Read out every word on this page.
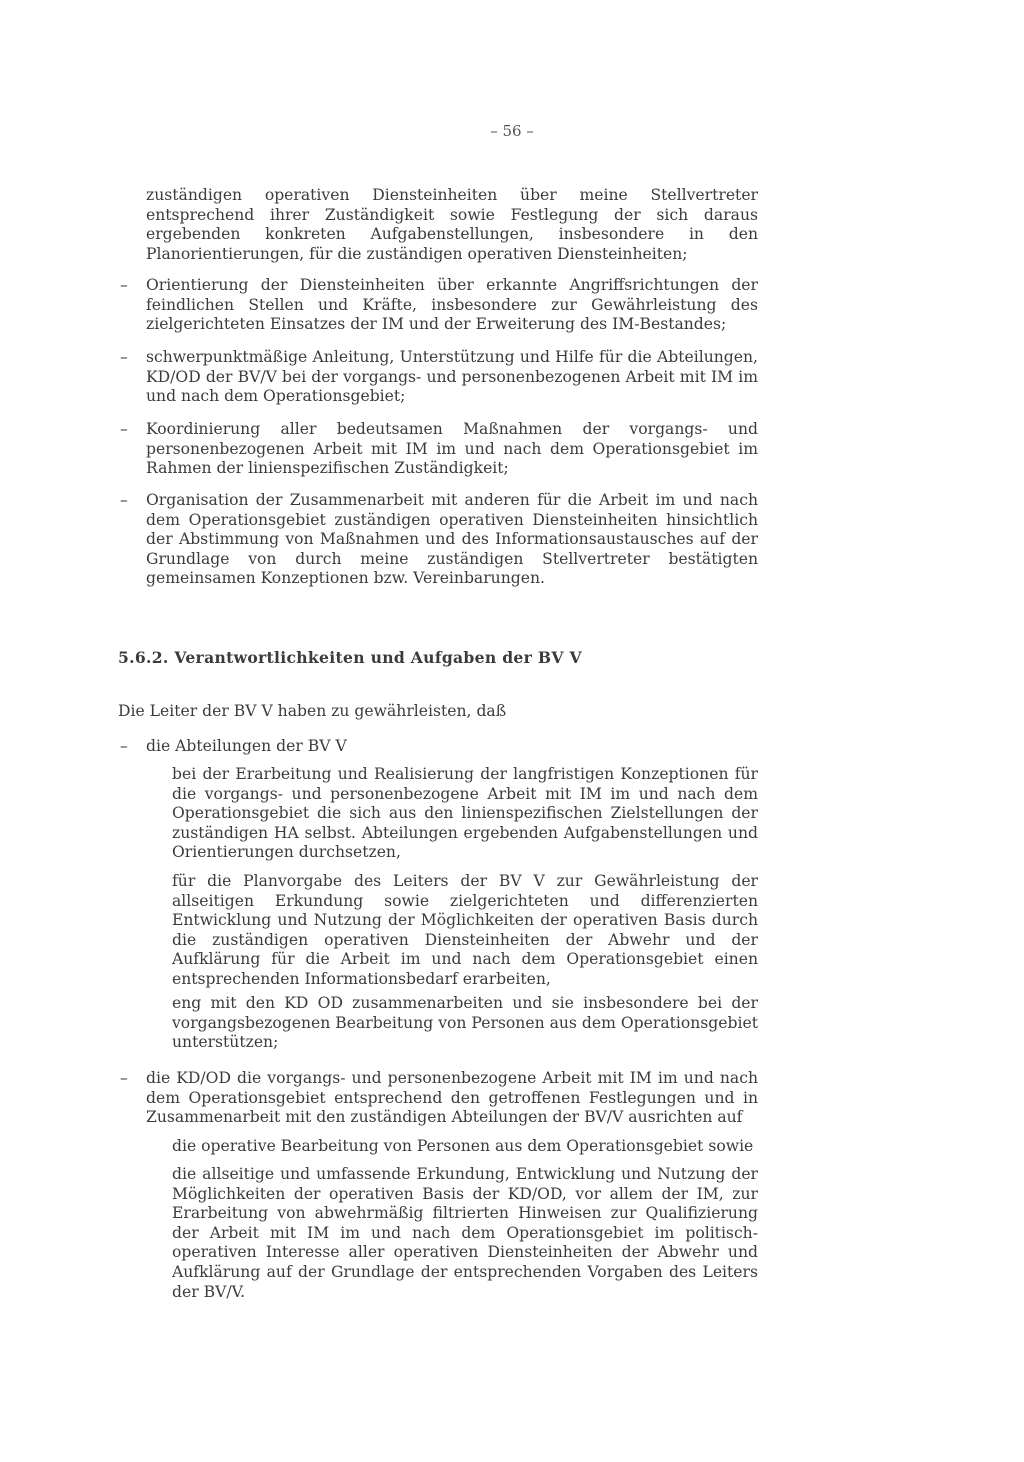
– 56 –
zuständigen operativen Diensteinheiten über meine Stellvertreter entsprechend ihrer Zuständigkeit sowie Festlegung der sich daraus ergebenden konkreten Aufgabenstellungen, insbesondere in den Planorientierungen, für die zuständigen operativen Diensteinheiten;
– Orientierung der Diensteinheiten über erkannte Angriffsrichtungen der feindlichen Stellen und Kräfte, insbesondere zur Gewährleistung des zielgerichteten Einsatzes der IM und der Erweiterung des IM-Bestandes;
– schwerpunktmäßige Anleitung, Unterstützung und Hilfe für die Abteilungen, KD/OD der BV/V bei der vorgangs- und personenbezogenen Arbeit mit IM im und nach dem Operationsgebiet;
– Koordinierung aller bedeutsamen Maßnahmen der vorgangs- und personenbezogenen Arbeit mit IM im und nach dem Operationsgebiet im Rahmen der linienspezifischen Zuständigkeit;
– Organisation der Zusammenarbeit mit anderen für die Arbeit im und nach dem Operationsgebiet zuständigen operativen Diensteinheiten hinsichtlich der Abstimmung von Maßnahmen und des Informationsaustausches auf der Grundlage von durch meine zuständigen Stellvertreter bestätigten gemeinsamen Konzeptionen bzw. Vereinbarungen.
5.6.2. Verantwortlichkeiten und Aufgaben der BV V
Die Leiter der BV V haben zu gewährleisten, daß
– die Abteilungen der BV V
bei der Erarbeitung und Realisierung der langfristigen Konzeptionen für die vorgangs- und personenbezogene Arbeit mit IM im und nach dem Operationsgebiet die sich aus den linienspezifischen Zielstellungen der zuständigen HA selbst. Abteilungen ergebenden Aufgabenstellungen und Orientierungen durchsetzen,
für die Planvorgabe des Leiters der BV V zur Gewährleistung der allseitigen Erkundung sowie zielgerichteten und differenzierten Entwicklung und Nutzung der Möglichkeiten der operativen Basis durch die zuständigen operativen Diensteinheiten der Abwehr und der Aufklärung für die Arbeit im und nach dem Operationsgebiet einen entsprechenden Informationsbedarf erarbeiten,
eng mit den KD OD zusammenarbeiten und sie insbesondere bei der vorgangsbezogenen Bearbeitung von Personen aus dem Operationsgebiet unterstützen;
– die KD/OD die vorgangs- und personenbezogene Arbeit mit IM im und nach dem Operationsgebiet entsprechend den getroffenen Festlegungen und in Zusammenarbeit mit den zuständigen Abteilungen der BV/V ausrichten auf
die operative Bearbeitung von Personen aus dem Operationsgebiet sowie
die allseitige und umfassende Erkundung, Entwicklung und Nutzung der Möglichkeiten der operativen Basis der KD/OD, vor allem der IM, zur Erarbeitung von abwehrmäßig filtrierten Hinweisen zur Qualifizierung der Arbeit mit IM im und nach dem Operationsgebiet im politisch-operativen Interesse aller operativen Diensteinheiten der Abwehr und Aufklärung auf der Grundlage der entsprechenden Vorgaben des Leiters der BV/V.
